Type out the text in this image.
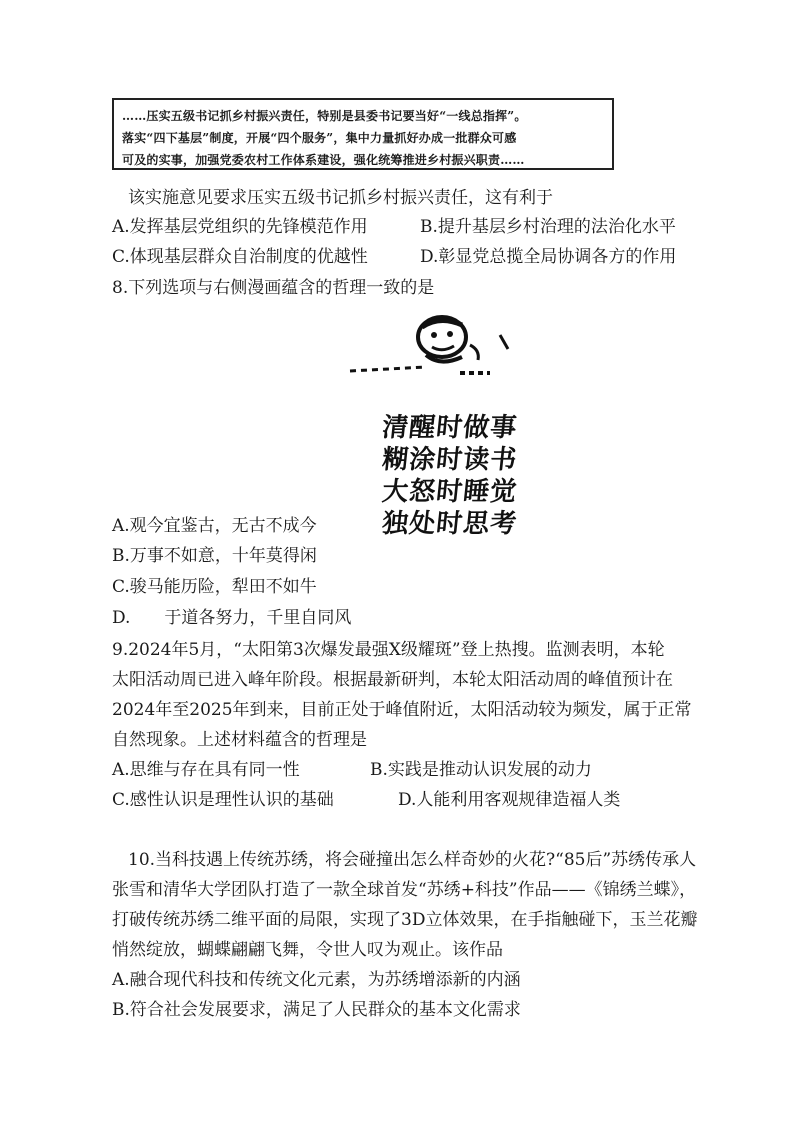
……压实五级书记抓乡村振兴责任，特别是县委书记要当好“一线总指挥”。
落实“四下基层”制度，开展“四个服务”，集中力量抓好办成一批群众可感
可及的实事，加强党委农村工作体系建设，强化统筹推进乡村振兴职责……
该实施意见要求压实五级书记抓乡村振兴责任，这有利于
A.发挥基层党组织的先锋模范作用	B.提升基层乡村治理的法治化水平
C.体现基层群众自治制度的优越性	D.彰显党总揽全局协调各方的作用
8.下列选项与右侧漫画蕴含的哲理一致的是
清醒时做事
糊涂时读书
大怒时睡觉
独处时思考
A.观今宜鉴古，无古不成今
B.万事不如意，十年莫得闲
C.骏马能历险，犁田不如牛
D.  于道各努力，千里自同风
9.2024年5月，“太阳第3次爆发最强X级耀斑”登上热搜。监测表明，本轮
太阳活动周已进入峰年阶段。根据最新研判，本轮太阳活动周的峰值预计在
2024年至2025年到来，目前正处于峰值附近，太阳活动较为频发，属于正常
自然现象。上述材料蕴含的哲理是
A.思维与存在具有同一性	B.实践是推动认识发展的动力
C.感性认识是理性认识的基础	D.人能利用客观规律造福人类
10.当科技遇上传统苏绣，将会碰撞出怎么样奇妙的火花?“85后”苏绣传承人
张雪和清华大学团队打造了一款全球首发“苏绣+科技”作品——《锦绣兰蝶》，
打破传统苏绣二维平面的局限，实现了3D立体效果，在手指触碰下，玉兰花瓣
悄然绽放，蝴蝶翩翩飞舞，令世人叹为观止。该作品
A.融合现代科技和传统文化元素，为苏绣增添新的内涵
B.符合社会发展要求，满足了人民群众的基本文化需求
